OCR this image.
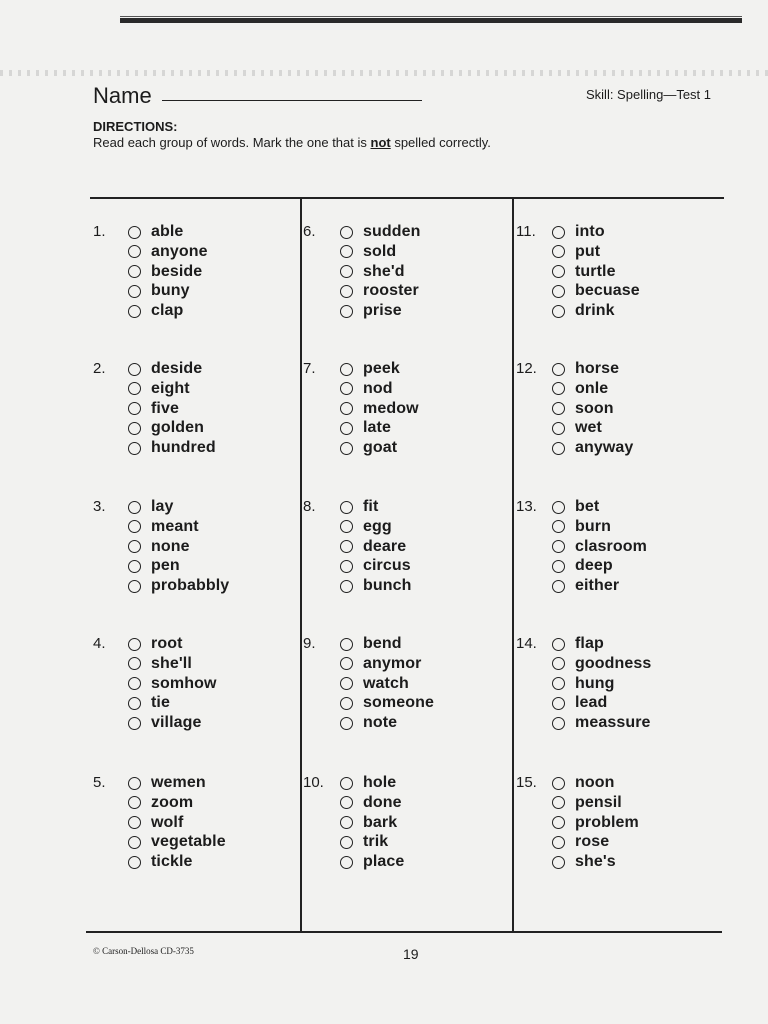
Name	Skill: Spelling—Test 1
DIRECTIONS:
Read each group of words. Mark the one that is not spelled correctly.
1.	able
anyone
beside
buny
clap
2.	deside
eight
five
golden
hundred
3.	lay
meant
none
pen
probabbly
4.	root
she'll
somhow
tie
village
5.	wemen
zoom
wolf
vegetable
tickle
6.	sudden
sold
she'd
rooster
prise
7.	peek
nod
medow
late
goat
8.	fit
egg
deare
circus
bunch
9.	bend
anymor
watch
someone
note
10. hole
done
bark
trik
place
11. into
put
turtle
becuase
drink
12. horse
onle
soon
wet
anyway
13. bet
burn
clasroom
deep
either
14. flap
goodness
hung
lead
meassure
15. noon
pensil
problem
rose
she's
© Carson-Dellosa CD-3735	19
